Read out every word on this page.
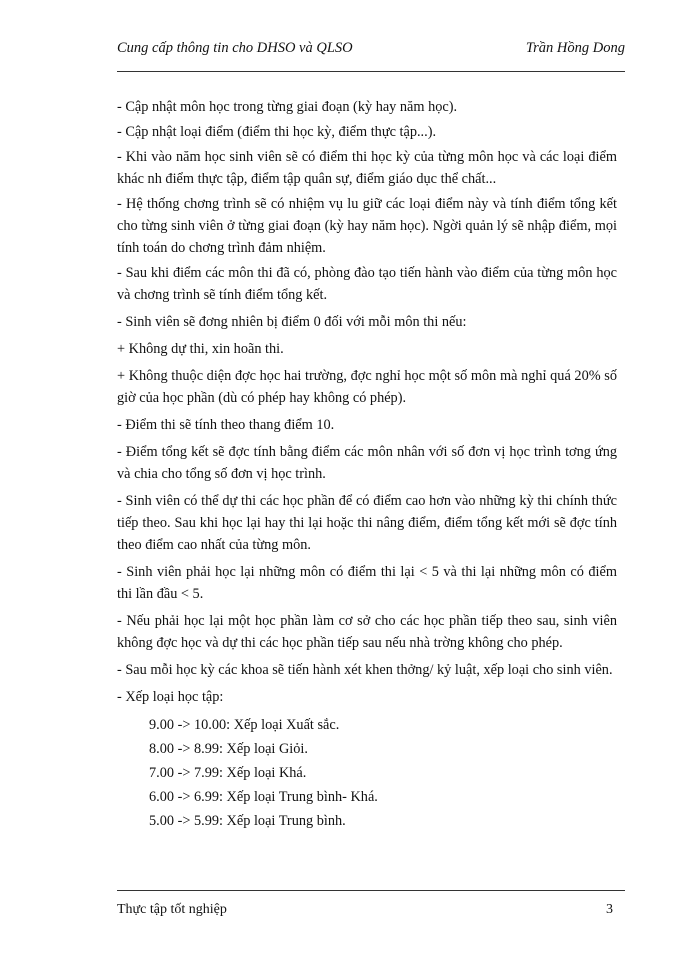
Cung cấp thông tin cho DHSO và QLSO	Trần Hồng Dong

- Cập nhật môn học trong từng giai đoạn (kỳ hay năm học).

- Cập nhật loại điểm (điểm thi học kỳ, điểm thực tập...).

- Khi vào năm học sinh viên sẽ có điểm thi học kỳ của từng môn học và các loại điểm khác nh điểm thực tập, điểm tập quân sự, điểm giáo dục thể chất...

- Hệ thống chơng trình sẽ có nhiệm vụ lu giữ các loại điểm này và tính điểm tổng kết cho từng sinh viên ở từng giai đoạn (kỳ hay năm học). Ngời quản lý sẽ nhập điểm, mọi tính toán do chơng trình đảm nhiệm.

- Sau khi điểm các môn thi đã có, phòng đào tạo tiến hành vào điểm của từng môn học và chơng trình sẽ tính điểm tổng kết.

- Sinh viên sẽ đơng nhiên bị điểm 0 đối với mỗi môn thi nếu:

+ Không dự thi, xin hoãn thi.

+ Không thuộc diện đợc học hai trường, đợc nghỉ học một số môn mà nghỉ quá 20% số giờ của học phần (dù có phép hay không có phép).

- Điểm thi sẽ tính theo thang điểm 10.

- Điểm tổng kết sẽ đợc tính bằng điểm các môn nhân với số đơn vị học trình tơng ứng và chia cho tổng số đơn vị học trình.

- Sinh viên có thể dự thi các học phần để có điểm cao hơn vào những kỳ thi chính thức tiếp theo. Sau khi học lại hay thi lại hoặc thi nâng điểm, điểm tổng kết mới sẽ đợc tính theo điểm cao nhất của từng môn.

- Sinh viên phải học lại những môn có điểm thi lại < 5 và thi lại những môn có điểm thi lần đầu < 5.

- Nếu phải học lại một học phần làm cơ sở cho các học phần tiếp theo sau, sinh viên không đợc học và dự thi các học phần tiếp sau nếu nhà trờng không cho phép.

- Sau mỗi học kỳ các khoa sẽ tiến hành xét khen thởng/ kỷ luật, xếp loại cho sinh viên.

- Xếp loại học tập:

9.00 -> 10.00: Xếp loại Xuất sắc.
8.00 -> 8.99: Xếp loại Giỏi.
7.00 -> 7.99: Xếp loại Khá.
6.00 -> 6.99: Xếp loại Trung bình- Khá.
5.00 -> 5.99: Xếp loại Trung bình.
Thực tập tốt nghiệp	3
